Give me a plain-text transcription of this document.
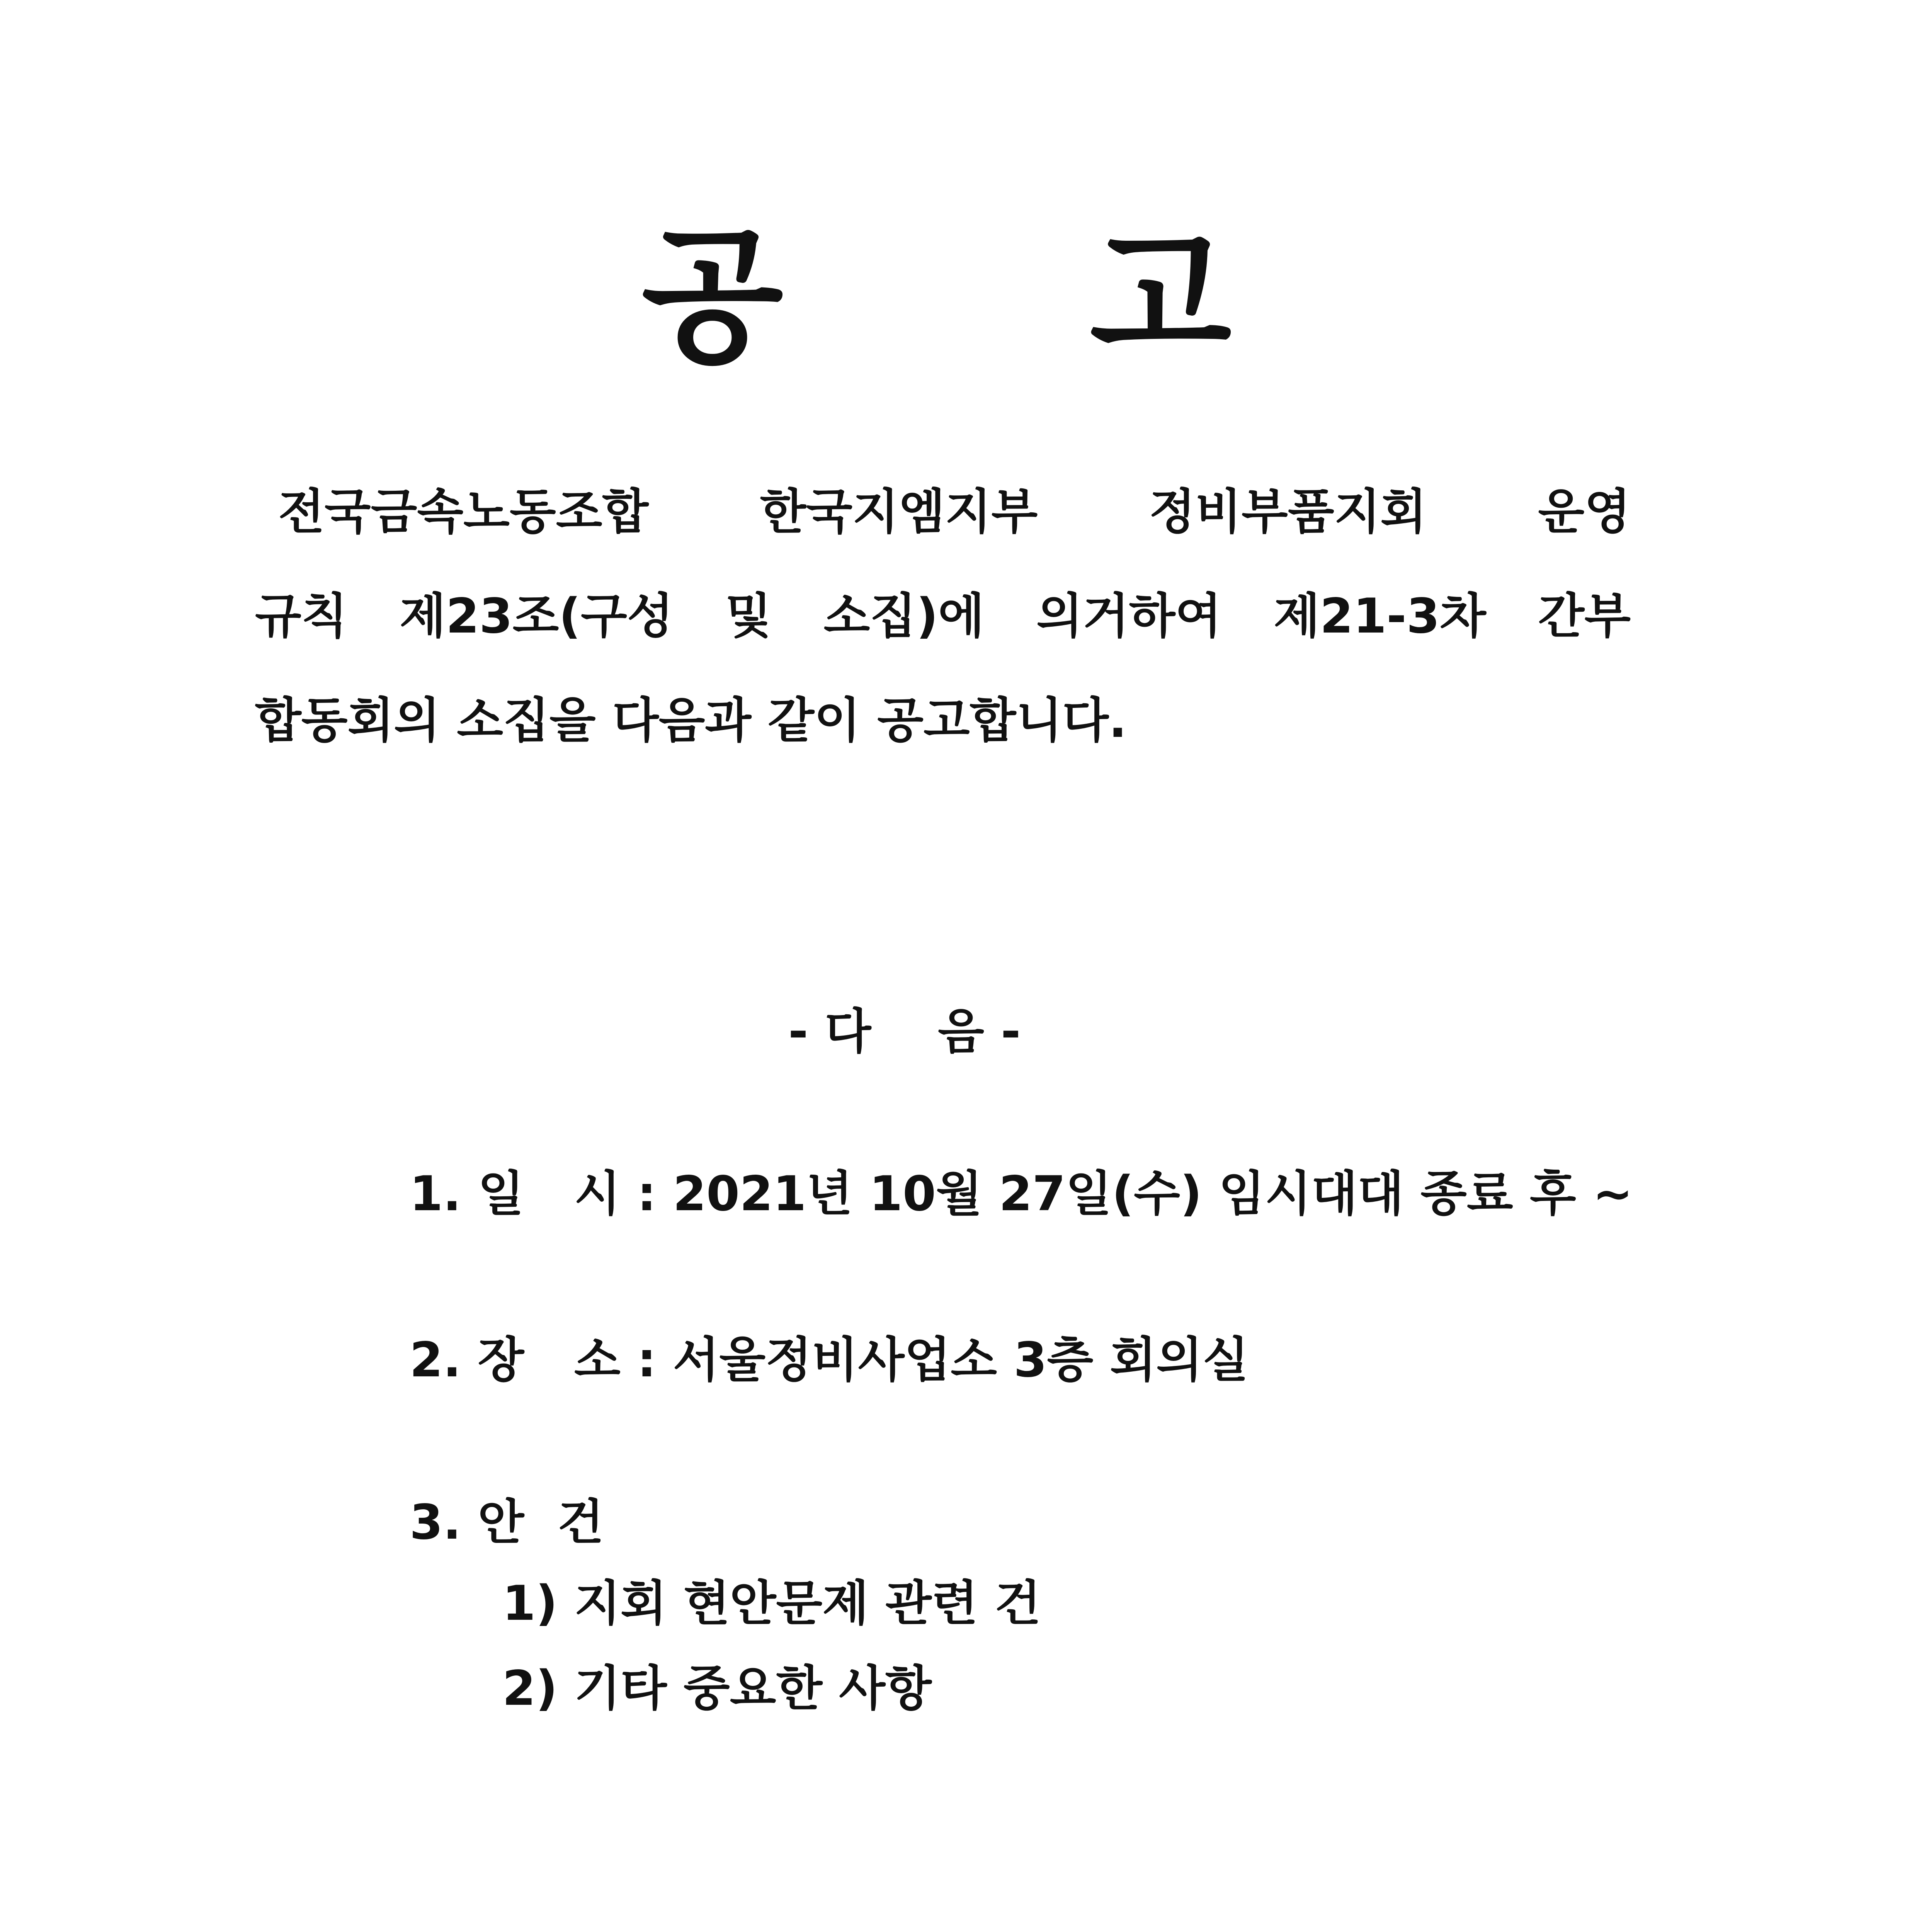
공 고
전국금속노동조합 한국지엠지부 정비부품지회 운영
규칙 제23조(구성 및 소집)에 의거하여 제21-3차 간부
합동회의 소집을 다음과 같이 공고합니다.
- 다    음 -
1. 일   시 : 2021년 10월 27일(수) 임시대대 종료 후 ~
2. 장   소 : 서울정비사업소 3층 회의실
3. 안  건
1) 지회 현안문제 관련 건
2) 기타 중요한 사항
